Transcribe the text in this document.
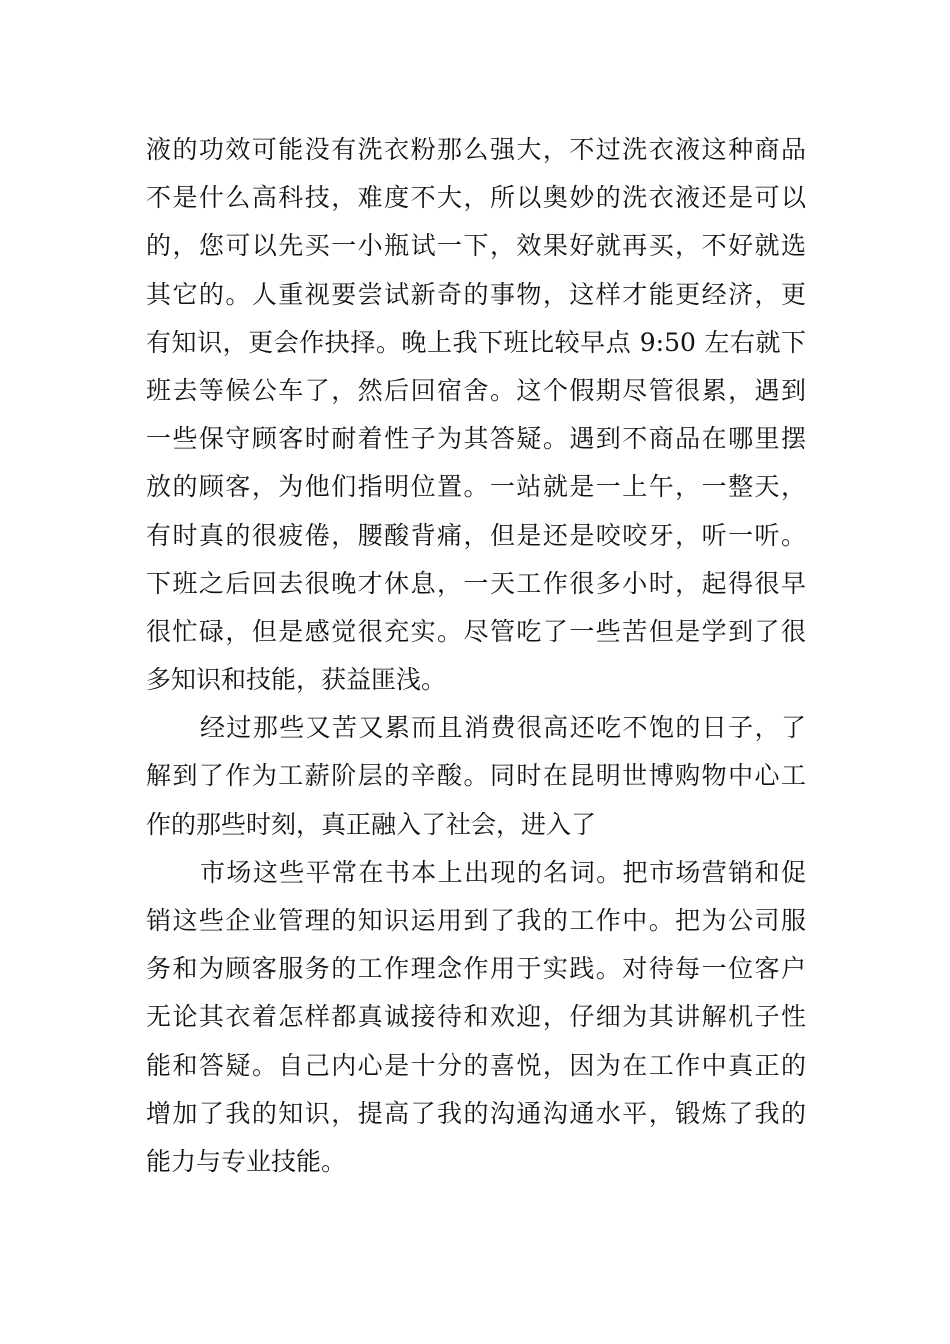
液的功效可能没有洗衣粉那么强大，不过洗衣液这种商品
不是什么高科技，难度不大，所以奥妙的洗衣液还是可以
的，您可以先买一小瓶试一下，效果好就再买，不好就选
其它的。人重视要尝试新奇的事物，这样才能更经济，更
有知识，更会作抉择。晚上我下班比较早点 9:50 左右就下
班去等候公车了，然后回宿舍。这个假期尽管很累，遇到
一些保守顾客时耐着性子为其答疑。遇到不商品在哪里摆
放的顾客，为他们指明位置。一站就是一上午，一整天，
有时真的很疲倦，腰酸背痛，但是还是咬咬牙，听一听。
下班之后回去很晚才休息，一天工作很多小时，起得很早
很忙碌，但是感觉很充实。尽管吃了一些苦但是学到了很
多知识和技能，获益匪浅。
经过那些又苦又累而且消费很高还吃不饱的日子，了
解到了作为工薪阶层的辛酸。同时在昆明世博购物中心工
作的那些时刻，真正融入了社会，进入了
市场这些平常在书本上出现的名词。把市场营销和促
销这些企业管理的知识运用到了我的工作中。把为公司服
务和为顾客服务的工作理念作用于实践。对待每一位客户
无论其衣着怎样都真诚接待和欢迎，仔细为其讲解机子性
能和答疑。自己内心是十分的喜悦，因为在工作中真正的
增加了我的知识，提高了我的沟通沟通水平，锻炼了我的
能力与专业技能。
